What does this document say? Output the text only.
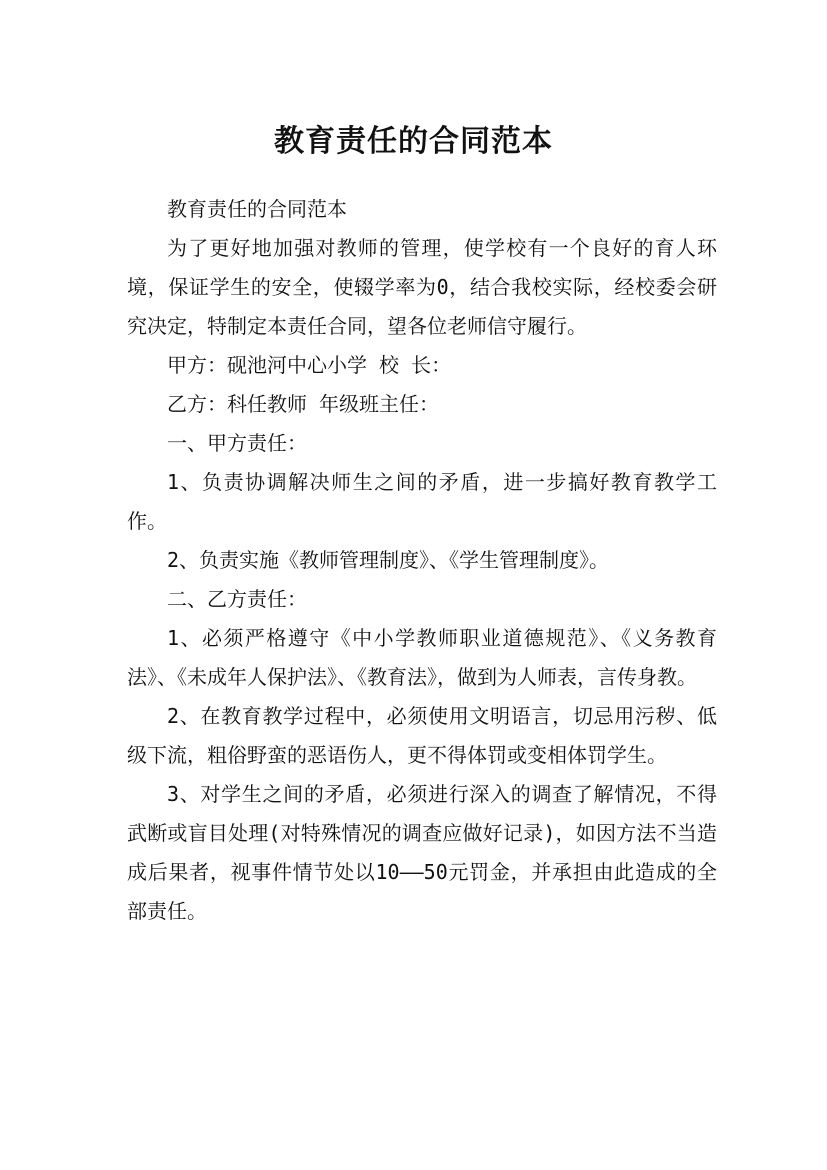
教育责任的合同范本

教育责任的合同范本

为了更好地加强对教师的管理，使学校有一个良好的育人环境，保证学生的安全，使辍学率为0，结合我校实际，经校委会研究决定，特制定本责任合同，望各位老师信守履行。

甲方：砚池河中心小学 校 长：

乙方：科任教师 年级班主任：

一、甲方责任：

1、负责协调解决师生之间的矛盾，进一步搞好教育教学工作。

2、负责实施《教师管理制度》、《学生管理制度》。

二、乙方责任：

1、必须严格遵守《中小学教师职业道德规范》、《义务教育法》、《未成年人保护法》、《教育法》，做到为人师表，言传身教。

2、在教育教学过程中，必须使用文明语言，切忌用污秽、低级下流，粗俗野蛮的恶语伤人，更不得体罚或变相体罚学生。

3、对学生之间的矛盾，必须进行深入的调查了解情况，不得武断或盲目处理(对特殊情况的调查应做好记录)，如因方法不当造成后果者，视事件情节处以10——50元罚金，并承担由此造成的全部责任。
